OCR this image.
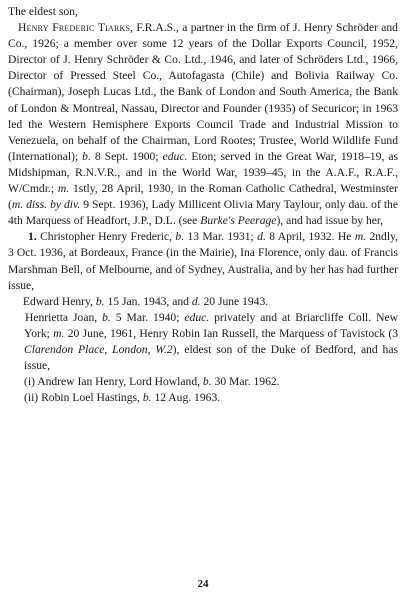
The eldest son,

Henry Frederic Tiarks, F.R.A.S., a partner in the firm of J. Henry Schröder and Co., 1926; a member over some 12 years of the Dollar Exports Council, 1952, Director of J. Henry Schröder & Co. Ltd., 1946, and later of Schröders Ltd., 1966, Director of Pressed Steel Co., Autofagasta (Chile) and Bolivia Railway Co. (Chairman), Joseph Lucas Ltd., the Bank of London and South America, the Bank of London & Montreal, Nassau, Director and Founder (1935) of Securicor; in 1963 led the Western Hemisphere Exports Council Trade and Industrial Mission to Venezuela, on behalf of the Chairman, Lord Rootes; Trustee, World Wildlife Fund (International); b. 8 Sept. 1900; educ. Eton; served in the Great War, 1918–19, as Midshipman, R.N.V.R., and in the World War, 1939–45, in the A.A.F., R.A.F., W/Cmdr.; m. 1stly, 28 April, 1930, in the Roman Catholic Cathedral, Westminster (m. diss. by div. 9 Sept. 1936), Lady Millicent Olivia Mary Taylour, only dau. of the 4th Marquess of Headfort, J.P., D.L. (see Burke's Peerage), and had issue by her,

1. Christopher Henry Frederic, b. 13 Mar. 1931; d. 8 April, 1932. He m. 2ndly, 3 Oct. 1936, at Bordeaux, France (in the Mairie), Ina Florence, only dau. of Francis Marshman Bell, of Melbourne, and of Sydney, Australia, and by her has had further issue,

Edward Henry, b. 15 Jan. 1943, and d. 20 June 1943.

Henrietta Joan, b. 5 Mar. 1940; educ. privately and at Briarcliffe Coll. New York; m. 20 June, 1961, Henry Robin Ian Russell, the Marquess of Tavistock (3 Clarendon Place, London, W.2), eldest son of the Duke of Bedford, and has issue,

(i) Andrew Ian Henry, Lord Howland, b. 30 Mar. 1962.

(ii) Robin Loel Hastings, b. 12 Aug. 1963.

24
